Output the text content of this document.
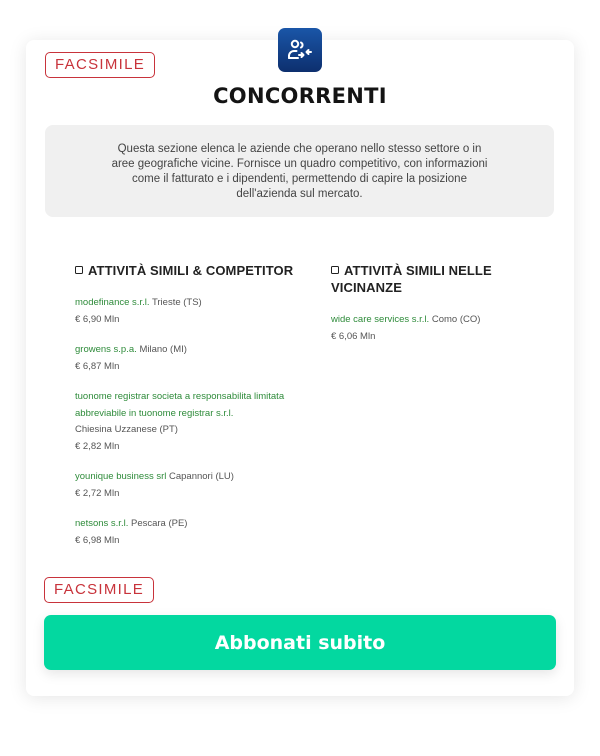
FACSIMILE
CONCORRENTI
Questa sezione elenca le aziende che operano nello stesso settore o in aree geografiche vicine. Fornisce un quadro competitivo, con informazioni come il fatturato e i dipendenti, permettendo di capire la posizione dell'azienda sul mercato.
ATTIVITÀ SIMILI & COMPETITOR
modefinance s.r.l. Trieste (TS)
€ 6,90 Mln
growens s.p.a. Milano (MI)
€ 6,87 Mln
tuonome registrar societa a responsabilita limitata abbreviabile in tuonome registrar s.r.l.
Chiesina Uzzanese (PT)
€ 2,82 Mln
younique business srl Capannori (LU)
€ 2,72 Mln
netsons s.r.l. Pescara (PE)
€ 6,98 Mln
ATTIVITÀ SIMILI NELLE VICINANZE
wide care services s.r.l. Como (CO)
€ 6,06 Mln
FACSIMILE
Abbonati subito
